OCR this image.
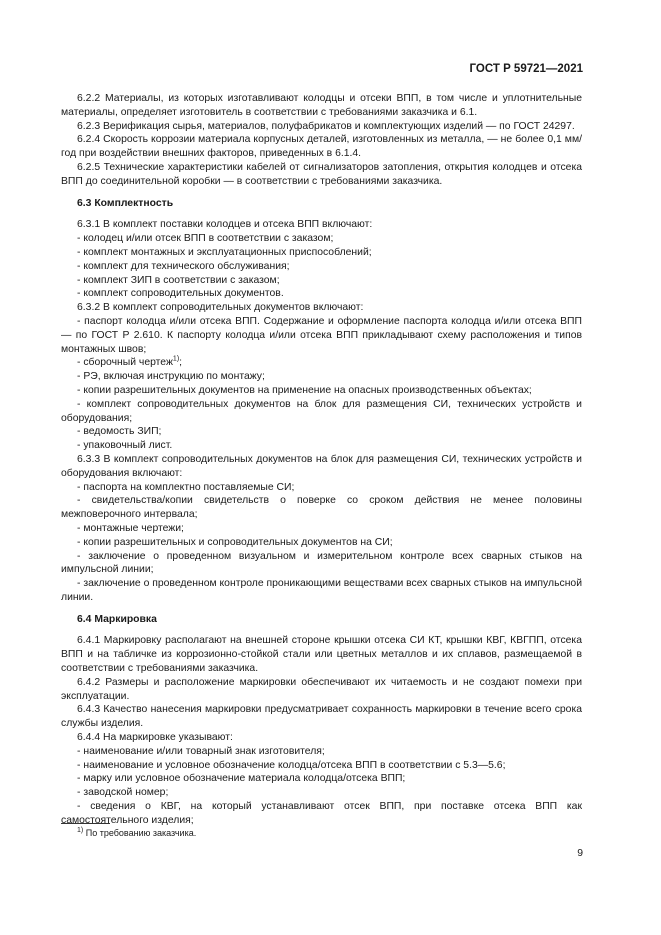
ГОСТ Р 59721—2021

6.2.2 Материалы, из которых изготавливают колодцы и отсеки ВПП, в том числе и уплотнительные материалы, определяет изготовитель в соответствии с требованиями заказчика и 6.1.

6.2.3 Верификация сырья, материалов, полуфабрикатов и комплектующих изделий — по ГОСТ 24297.

6.2.4 Скорость коррозии материала корпусных деталей, изготовленных из металла, — не более 0,1 мм/год при воздействии внешних факторов, приведенных в 6.1.4.

6.2.5 Технические характеристики кабелей от сигнализаторов затопления, открытия колодцев и отсека ВПП до соединительной коробки — в соответствии с требованиями заказчика.

6.3 Комплектность

6.3.1 В комплект поставки колодцев и отсека ВПП включают:

- колодец и/или отсек ВПП в соответствии с заказом;

- комплект монтажных и эксплуатационных приспособлений;

- комплект для технического обслуживания;

- комплект ЗИП в соответствии с заказом;

- комплект сопроводительных документов.

6.3.2 В комплект сопроводительных документов включают:

- паспорт колодца и/или отсека ВПП. Содержание и оформление паспорта колодца и/или отсека ВПП — по ГОСТ Р 2.610. К паспорту колодца и/или отсека ВПП прикладывают схему расположения и типов монтажных швов;

- сборочный чертеж$^{1)}$;

- РЭ, включая инструкцию по монтажу;

- копии разрешительных документов на применение на опасных производственных объектах;

- комплект сопроводительных документов на блок для размещения СИ, технических устройств и оборудования;

- ведомость ЗИП;

- упаковочный лист.

6.3.3 В комплект сопроводительных документов на блок для размещения СИ, технических устройств и оборудования включают:

- паспорта на комплектно поставляемые СИ;

- свидетельства/копии свидетельств о поверке со сроком действия не менее половины межповерочного интервала;

- монтажные чертежи;

- копии разрешительных и сопроводительных документов на СИ;

- заключение о проведенном визуальном и измерительном контроле всех сварных стыков на импульсной линии;

- заключение о проведенном контроле проникающими веществами всех сварных стыков на импульсной линии.

6.4 Маркировка

6.4.1 Маркировку располагают на внешней стороне крышки отсека СИ КТ, крышки КВГ, КВГПП, отсека ВПП и на табличке из коррозионно-стойкой стали или цветных металлов и их сплавов, размещаемой в соответствии с требованиями заказчика.

6.4.2 Размеры и расположение маркировки обеспечивают их читаемость и не создают помехи при эксплуатации.

6.4.3 Качество нанесения маркировки предусматривает сохранность маркировки в течение всего срока службы изделия.

6.4.4 На маркировке указывают:

- наименование и/или товарный знак изготовителя;

- наименование и условное обозначение колодца/отсека ВПП в соответствии с 5.3—5.6;

- марку или условное обозначение материала колодца/отсека ВПП;

- заводской номер;

- сведения о КВГ, на который устанавливают отсек ВПП, при поставке отсека ВПП как самостоятельного изделия;

$^{1)}$ По требованию заказчика.
9
